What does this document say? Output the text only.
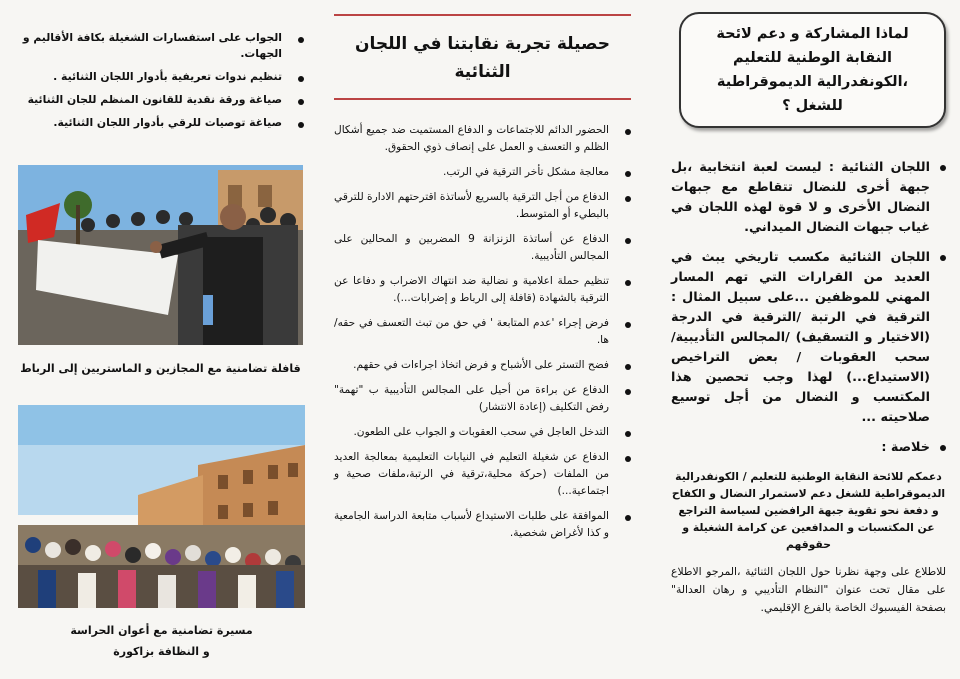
لماذا المشاركة و دعم لائحة النقابة الوطنية للتعليم ،الكونفدرالية الديموقراطية للشغل ؟
اللجان الثنائية : ليست لعبة انتخابية ،بل جبهة أخرى للنضال تتقاطع مع جبهات النضال الأخرى و لا قوة لهذه اللجان في غياب جبهات النضال الميداني.
اللجان الثنائية مكسب تاريخي يبث في العديد من القرارات التي تهم المسار المهني للموظفين ...على سبيل المثال : الترقية في الرتبة /الترقية في الدرجة (الاختيار و التسقيف) /المجالس التأديبية/ سحب العقوبات / بعض التراخيص (الاستيداع...) لهذا وجب تحصين هذا المكتسب و النضال من أجل توسيع صلاحيته ...
خلاصة :
دعمكم للائحة النقابة الوطنية للتعليم / الكونفدرالية الديموقراطية للشغل دعم لاستمرار النضال و الكفاح و دفعة نحو تقوية جبهة الرافضين لسياسة التراجع عن المكتسبات و المدافعين عن كرامة الشغيلة و حقوقهم
للاطلاع على وجهة نظرنا حول اللجان الثنائية ،المرجو الاطلاع على مقال تحت عنوان "النظام التأديبي و رهان العدالة" بصفحة الفيسبوك الخاصة بالفرع الإقليمي.
حصيلة تجربة نقابتنا في اللجان الثنائية
الحضور الدائم للاجتماعات و الدفاع المستميت ضد جميع أشكال الظلم و التعسف و العمل على إنصاف ذوي الحقوق.
معالجة مشكل تأخر الترقية في الرتب.
الدفاع من أجل الترقية بالسريع لأساتذة اقترحتهم الادارة للترقي بالبطيء أو المتوسط.
الدفاع عن أساتذة الزنزانة 9 المضربين و المحالين على المجالس التأديبية.
تنظيم حملة اعلامية و نضالية ضد انتهاك الاضراب و دفاعا عن الترقية بالشهادة (قافلة إلى الرباط و إضرابات...).
فرض إجراء 'عدم المتابعة ' في حق من تبث التعسف في حقه/ها.
فضح التستر على الأشباح و فرض اتخاذ اجراءات في حقهم.
الدفاع عن براءة من أحيل على المجالس التأديبية ب "تهمة" رفض التكليف (إعادة الانتشار)
التدخل العاجل في سحب العقوبات و الجواب على الطعون.
الدفاع عن شغيلة التعليم في النيابات التعليمية بمعالجة العديد من الملفات (حركة محلية،ترقية في الرتبة،ملفات صحية و اجتماعية...)
الموافقة على طلبات الاستيداع لأسباب متابعة الدراسة الجامعية و كذا لأغراض شخصية.
الجواب على استفسارات الشغيلة بكافة الأقاليم و الجهات.
تنظيم ندوات تعريفية بأدوار اللجان الثنائية .
صياغة ورقة نقدية للقانون المنظم للجان الثنائية
صياغة توصيات للرقي بأدوار اللجان الثنائية.
قافلة تضامنية مع المجازين و الماستريين إلى الرباط
مسيرة تضامنية مع أعوان الحراسة
و النظافة بزاكورة
